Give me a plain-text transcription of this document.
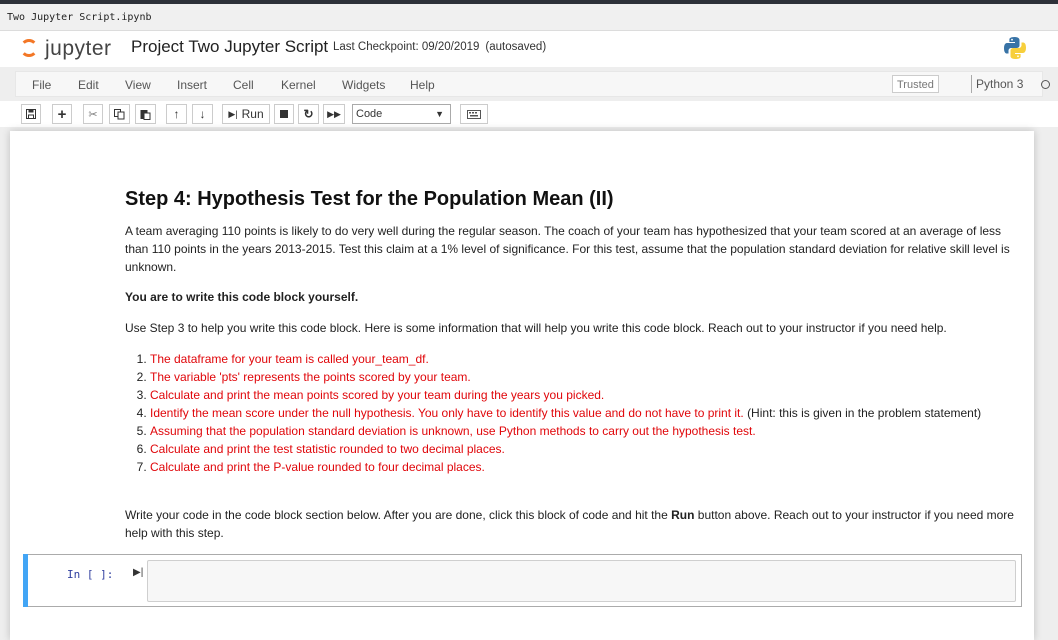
Two Jupyter Script.ipynb
jupyter Project Two Jupyter Script Last Checkpoint: 09/20/2019 (autosaved)
File Edit View Insert Cell Kernel Widgets Help	Trusted	Python 3
+ ✂	↑ ↓	▶| Run	↻ ▶▶	Code	▼
Step 4: Hypothesis Test for the Population Mean (II)
A team averaging 110 points is likely to do very well during the regular season. The coach of your team has hypothesized that your team scored at an average of less than 110 points in the years 2013-2015. Test this claim at a 1% level of significance. For this test, assume that the population standard deviation for relative skill level is unknown.
You are to write this code block yourself.
Use Step 3 to help you write this code block. Here is some information that will help you write this code block. Reach out to your instructor if you need help.
1. The dataframe for your team is called your_team_df.
2. The variable 'pts' represents the points scored by your team.
3. Calculate and print the mean points scored by your team during the years you picked.
4. Identify the mean score under the null hypothesis. You only have to identify this value and do not have to print it. (Hint: this is given in the problem statement)
5. Assuming that the population standard deviation is unknown, use Python methods to carry out the hypothesis test.
6. Calculate and print the test statistic rounded to two decimal places.
7. Calculate and print the P-value rounded to four decimal places.
Write your code in the code block section below. After you are done, click this block of code and hit the Run button above. Reach out to your instructor if you need more help with this step.
In [ ]: ▶|
